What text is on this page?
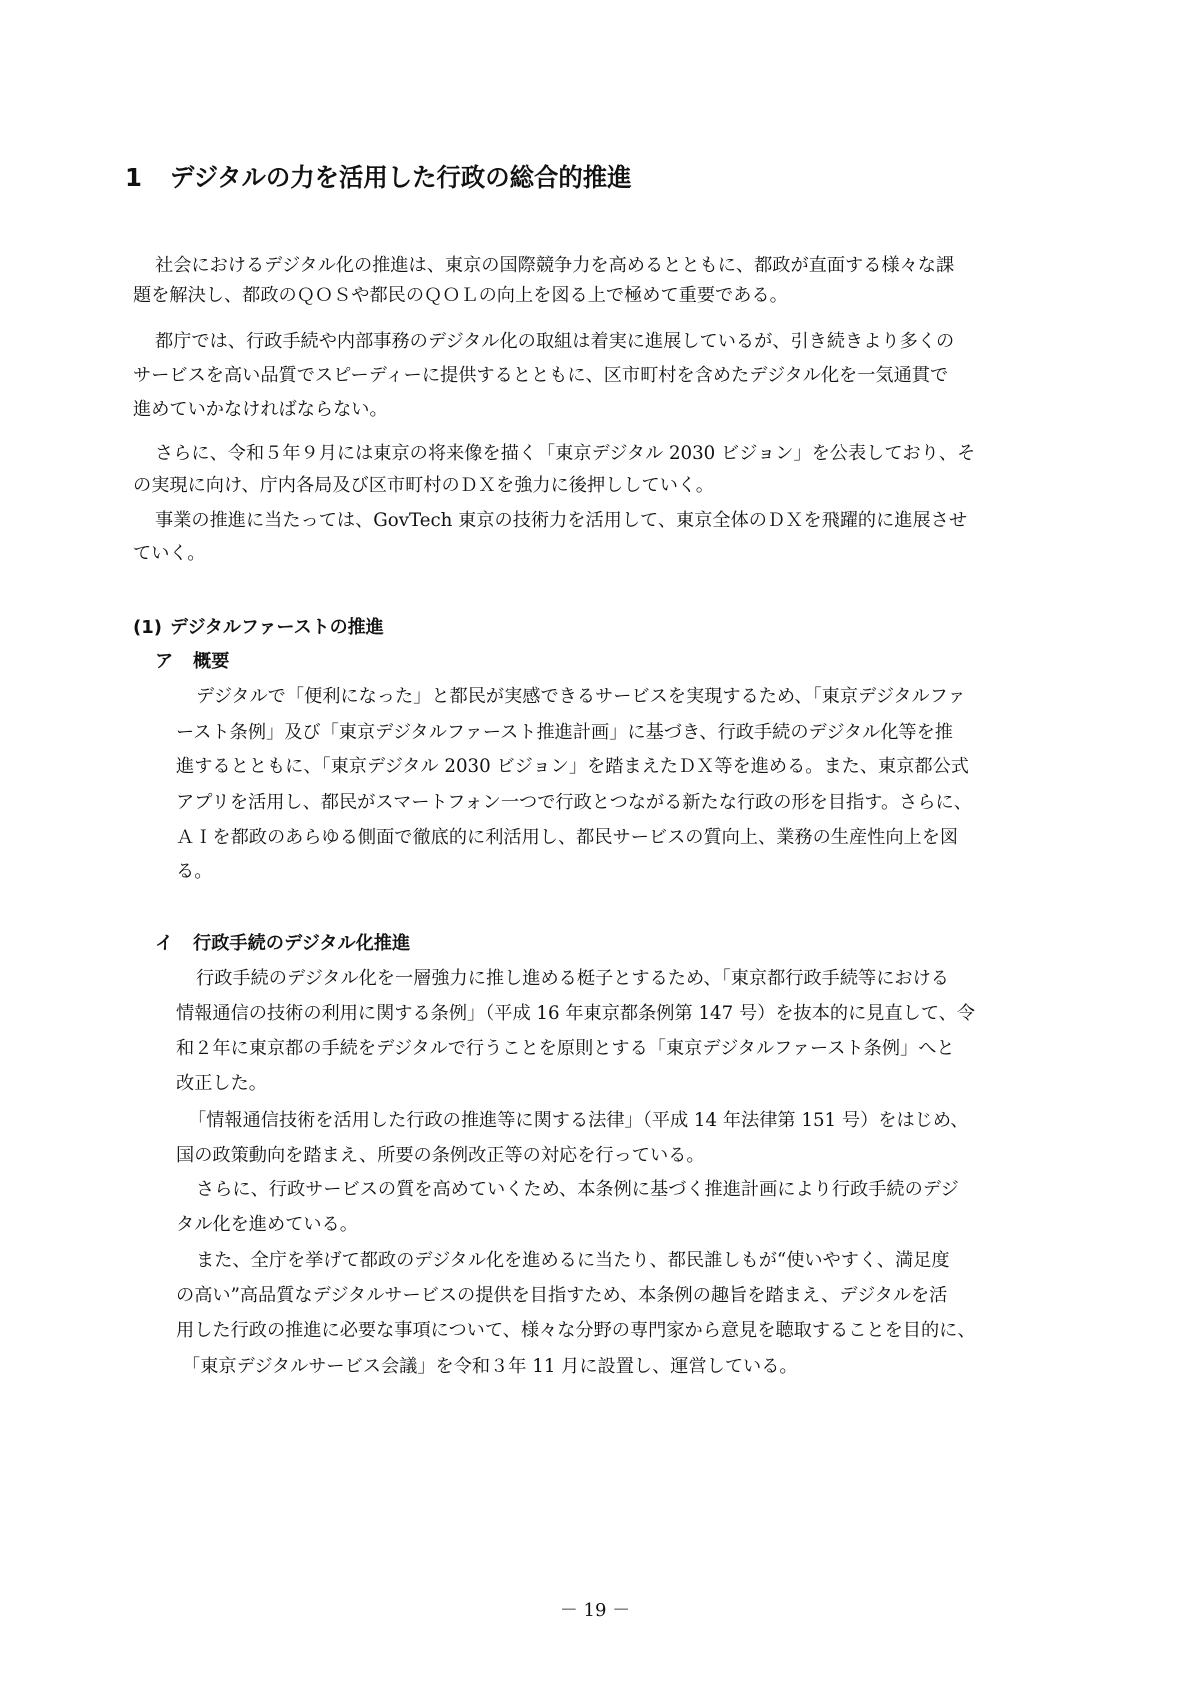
1 デジタルの力を活用した行政の総合的推進

社会におけるデジタル化の推進は、東京の国際競争力を高めるとともに、都政が直面する様々な課

題を解決し、都政のＱＯＳや都民のＱＯＬの向上を図る上で極めて重要である。

都庁では、行政手続や内部事務のデジタル化の取組は着実に進展しているが、引き続きより多くの

サービスを高い品質でスピーディーに提供するとともに、区市町村を含めたデジタル化を一気通貫で

進めていかなければならない。

さらに、令和５年９月には東京の将来像を描く「東京デジタル 2030 ビジョン」を公表しており、そ

の実現に向け、庁内各局及び区市町村のＤＸを強力に後押ししていく。

事業の推進に当たっては、GovTech 東京の技術力を活用して、東京全体のＤＸを飛躍的に進展させ

ていく。

(1) デジタルファーストの推進
ア 概要

デジタルで「便利になった」と都民が実感できるサービスを実現するため、「東京デジタルファ

ースト条例」及び「東京デジタルファースト推進計画」に基づき、行政手続のデジタル化等を推

進するとともに、「東京デジタル 2030 ビジョン」を踏まえたＤＸ等を進める。また、東京都公式

アプリを活用し、都民がスマートフォン一つで行政とつながる新たな行政の形を目指す。さらに、

ＡＩを都政のあらゆる側面で徹底的に利活用し、都民サービスの質向上、業務の生産性向上を図

る。

イ 行政手続のデジタル化推進

行政手続のデジタル化を一層強力に推し進める梃子とするため、「東京都行政手続等における

情報通信の技術の利用に関する条例」（平成 16 年東京都条例第 147 号）を抜本的に見直して、令

和２年に東京都の手続をデジタルで行うことを原則とする「東京デジタルファースト条例」へと

改正した。

「情報通信技術を活用した行政の推進等に関する法律」（平成 14 年法律第 151 号）をはじめ、

国の政策動向を踏まえ、所要の条例改正等の対応を行っている。

さらに、行政サービスの質を高めていくため、本条例に基づく推進計画により行政手続のデジ

タル化を進めている。

また、全庁を挙げて都政のデジタル化を進めるに当たり、都民誰しもが“使いやすく、満足度

の高い”高品質なデジタルサービスの提供を目指すため、本条例の趣旨を踏まえ、デジタルを活

用した行政の推進に必要な事項について、様々な分野の専門家から意見を聴取することを目的に、

「東京デジタルサービス会議」を令和３年 11 月に設置し、運営している。

－ 19 －
